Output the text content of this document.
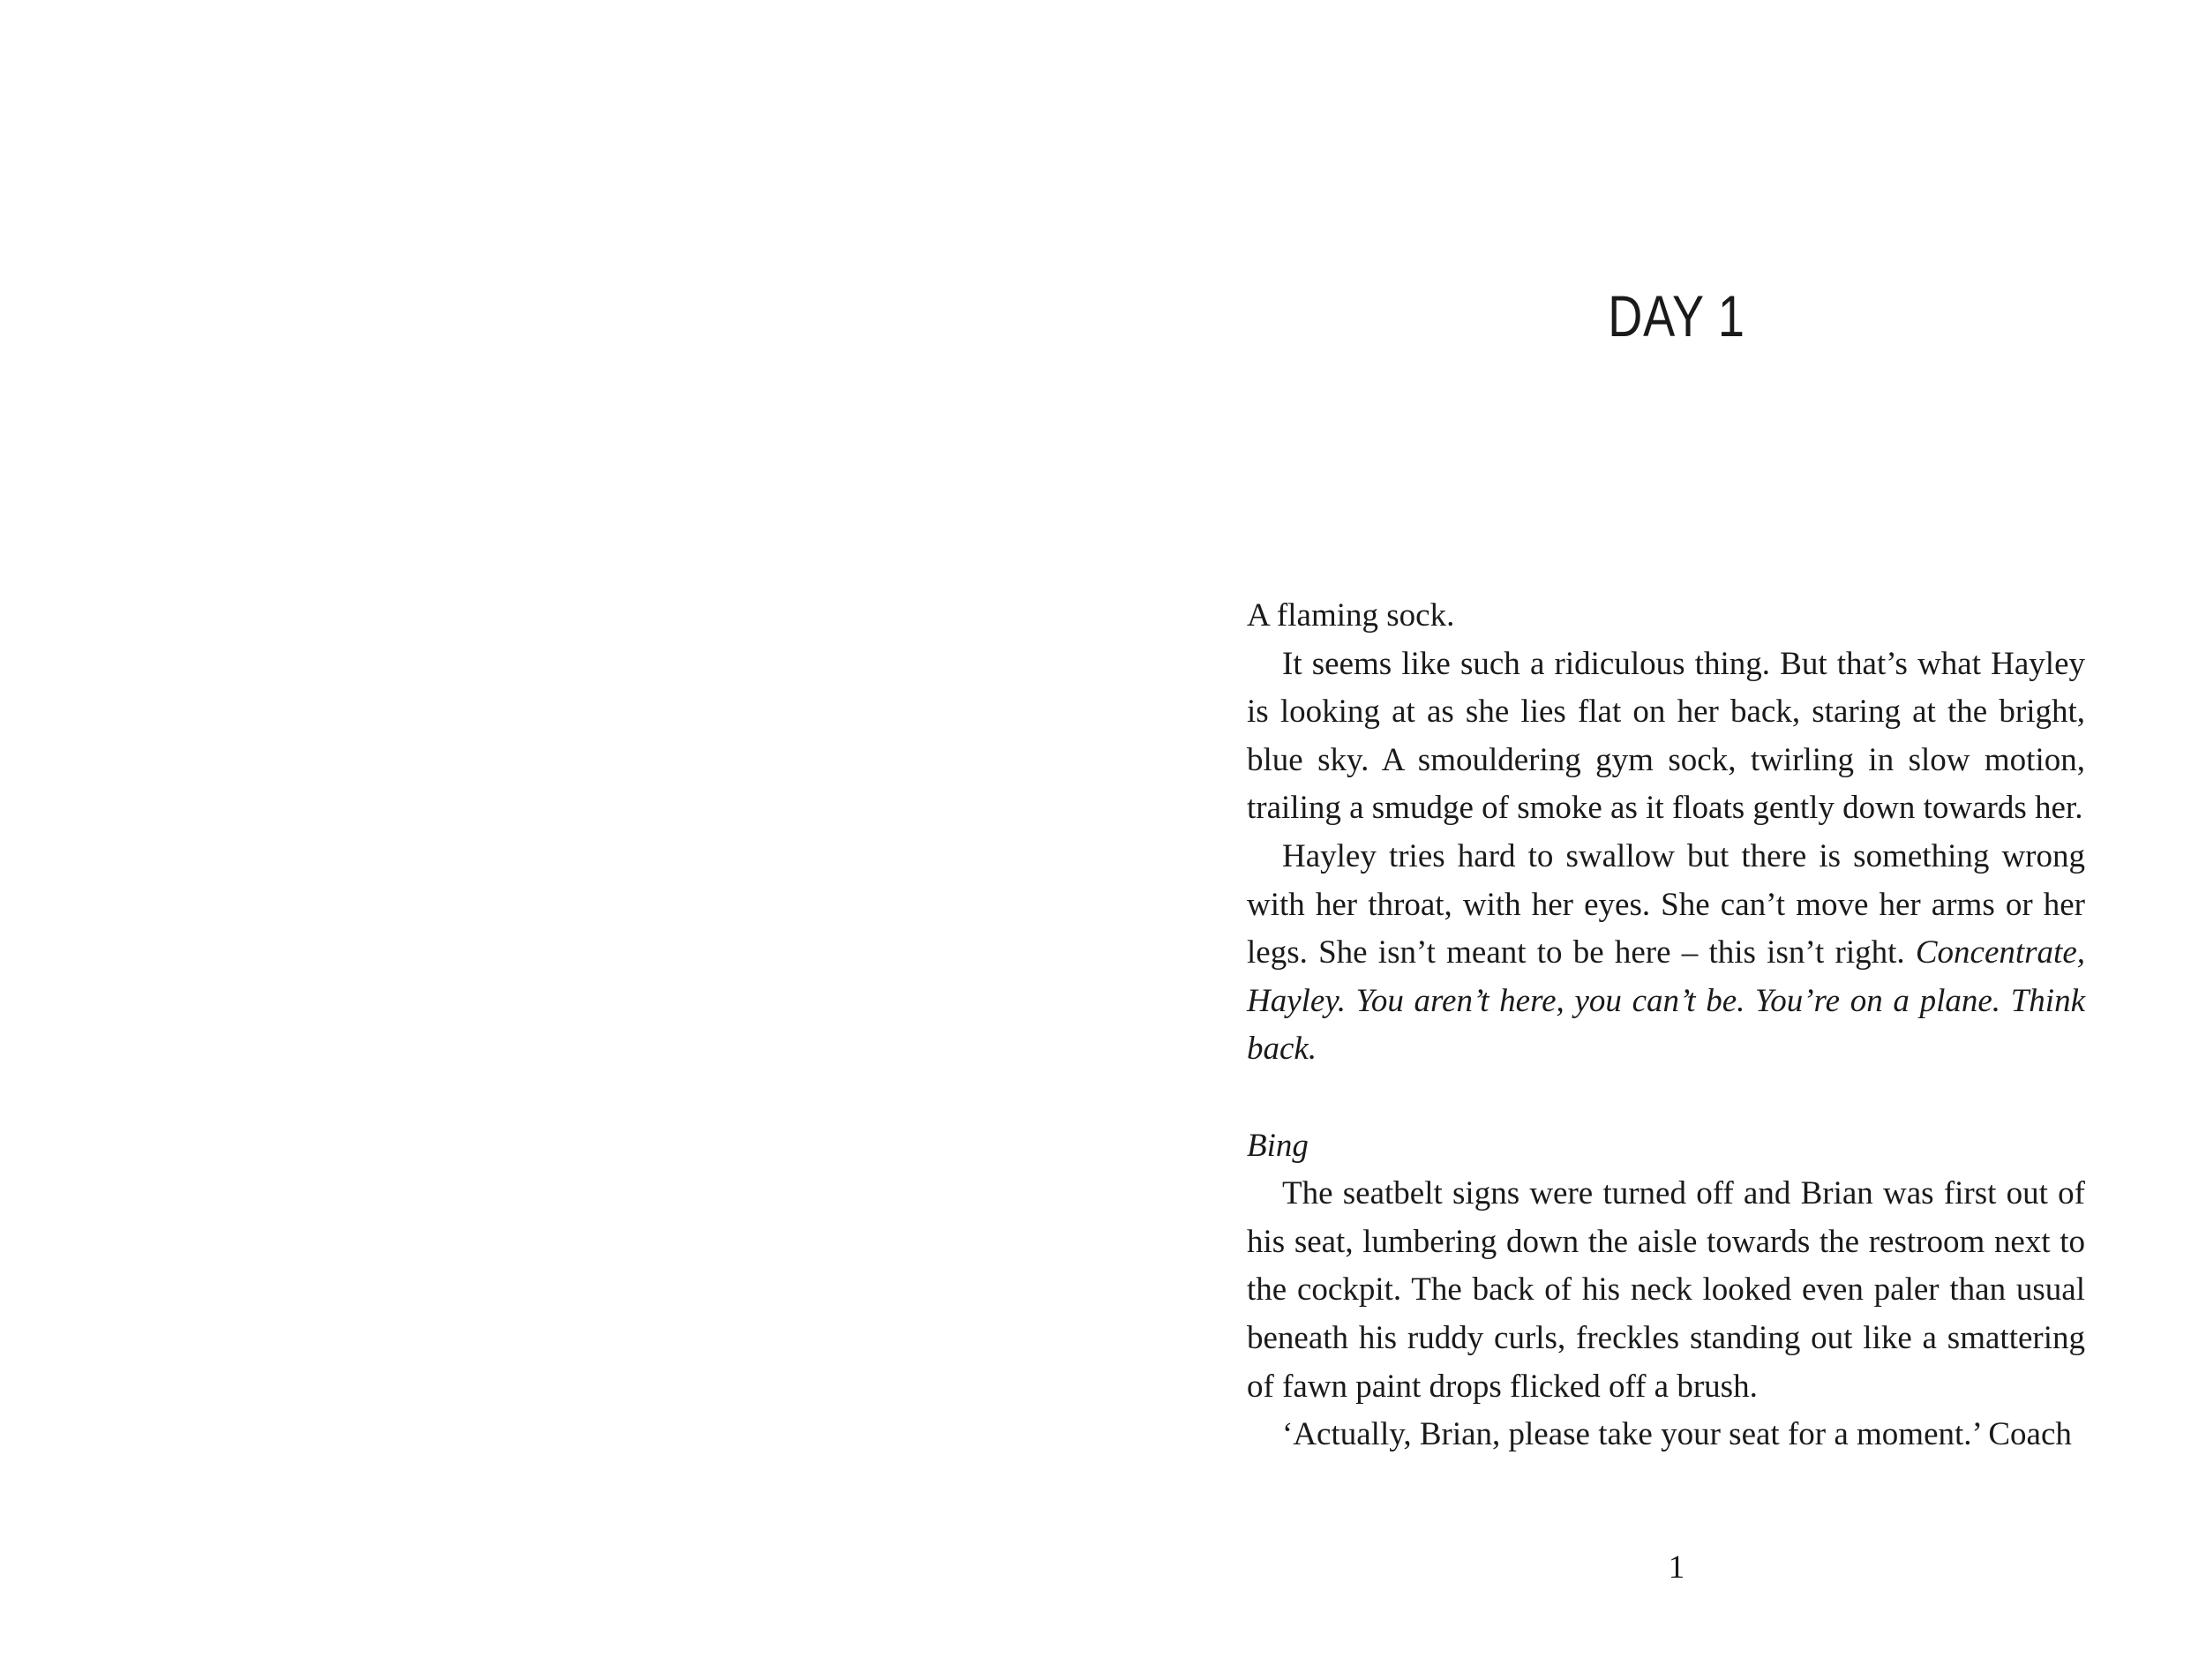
DAY 1

A flaming sock.

It seems like such a ridiculous thing. But that’s what Hayley is looking at as she lies flat on her back, staring at the bright, blue sky. A smouldering gym sock, twirling in slow motion, trailing a smudge of smoke as it floats gently down towards her.

Hayley tries hard to swallow but there is something wrong with her throat, with her eyes. She can’t move her arms or her legs. She isn’t meant to be here – this isn’t right. Concentrate, Hayley. You aren’t here, you can’t be. You’re on a plane. Think back.

Bing

The seatbelt signs were turned off and Brian was first out of his seat, lumbering down the aisle towards the restroom next to the cockpit. The back of his neck looked even paler than usual beneath his ruddy curls, freckles standing out like a smattering of fawn paint drops flicked off a brush.

‘Actually, Brian, please take your seat for a moment.’ Coach

1
